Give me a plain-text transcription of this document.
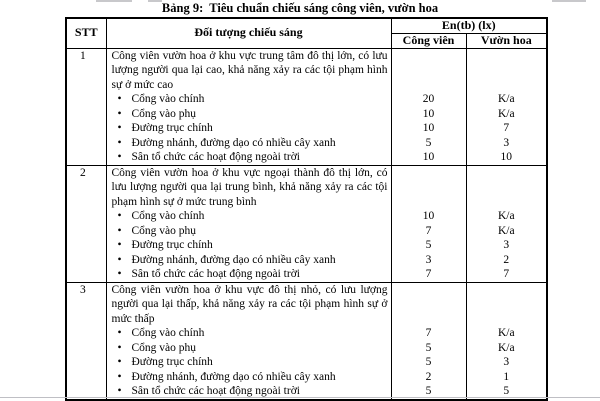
Bảng 9: Tiêu chuẩn chiếu sáng công viên, vườn hoa
STT	Đối tượng chiếu sáng	En(tb) (lx)	
		Công viên	Vườn hoa
1	Công viên vườn hoa ở khu vực trung tâm đô thị lớn, có lưu lượng người qua lại cao, khả năng xảy ra các tội phạm hình sự ở mức cao		

	• Cổng vào chính	20	K/a
	• Cổng vào phụ	10	K/a
	• Đường trục chính	10	7
	• Đường nhánh, đường dạo có nhiều cây xanh	5	3
	• Sân tổ chức các hoạt động ngoài trời	10	10
2	Công viên vườn hoa ở khu vực ngoại thành đô thị lớn, có lưu lượng người qua lại trung bình, khả năng xảy ra các tội phạm hình sự ở mức trung bình		

	• Cổng vào chính	10	K/a
	• Cổng vào phụ	7	K/a
	• Đường trục chính	5	3
	• Đường nhánh, đường dạo có nhiều cây xanh	3	2
	• Sân tổ chức các hoạt động ngoài trời	7	7
3	Công viên vườn hoa ở khu vực đô thị nhỏ, có lưu lượng người qua lại thấp, khả năng xảy ra các tội phạm hình sự ở mức thấp		

	• Cổng vào chính	7	K/a
	• Cổng vào phụ	5	K/a
	• Đường trục chính	5	3
	• Đường nhánh, đường dạo có nhiều cây xanh	2	1
	• Sân tổ chức các hoạt động ngoài trời	5	5
